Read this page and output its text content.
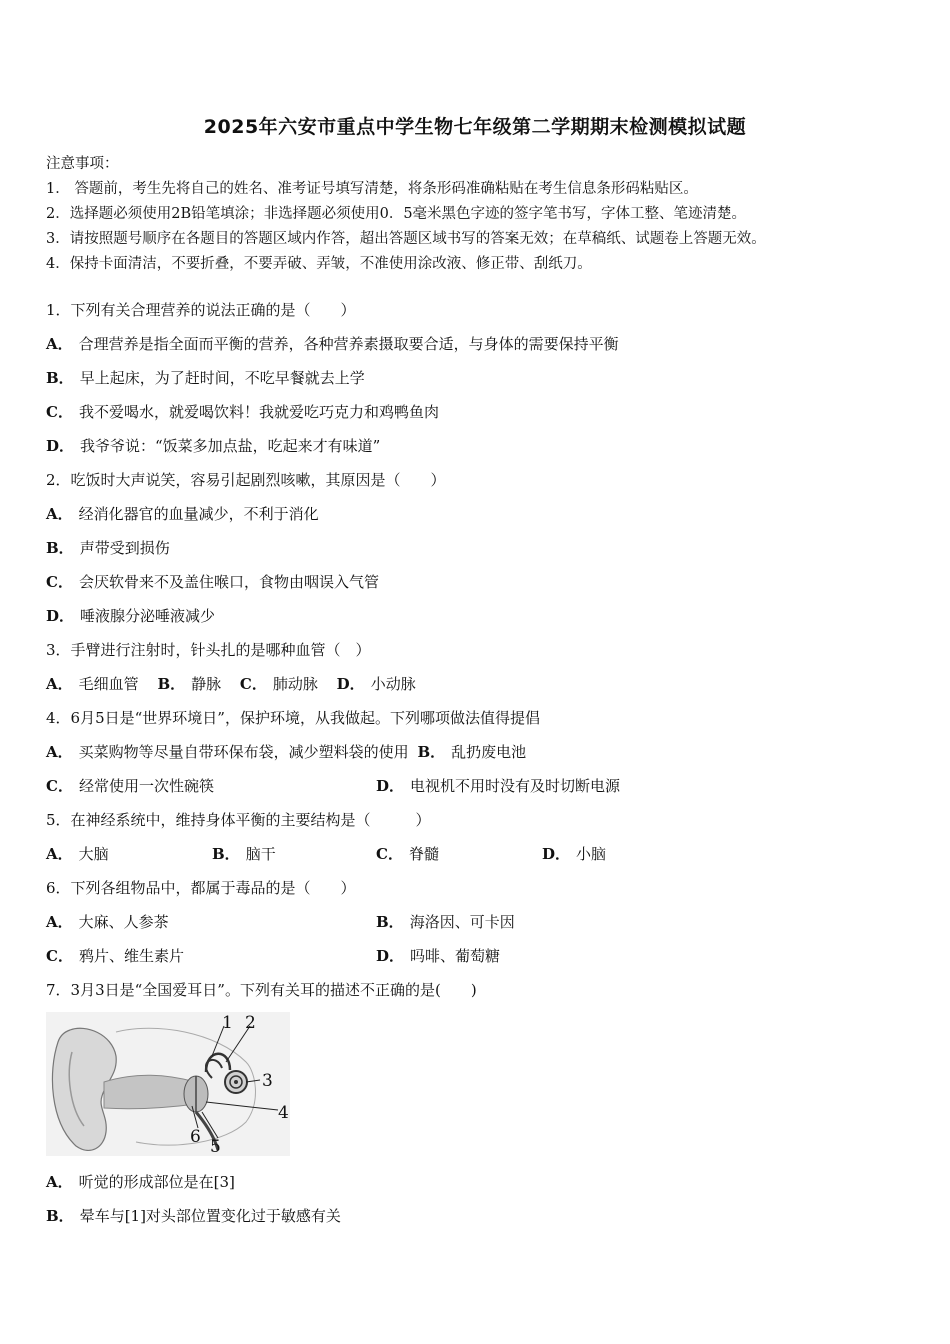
2025年六安市重点中学生物七年级第二学期期末检测模拟试题
注意事项：
1． 答题前，考生先将自己的姓名、准考证号填写清楚，将条形码准确粘贴在考生信息条形码粘贴区。
2．选择题必须使用2B铅笔填涂；非选择题必须使用0．5毫米黑色字迹的签字笔书写，字体工整、笔迹清楚。
3．请按照题号顺序在各题目的答题区域内作答，超出答题区域书写的答案无效；在草稿纸、试题卷上答题无效。
4．保持卡面清洁，不要折叠，不要弄破、弄皱，不准使用涂改液、修正带、刮纸刀。
1．下列有关合理营养的说法正确的是（　　）
A． 合理营养是指全面而平衡的营养，各种营养素摄取要合适，与身体的需要保持平衡
B． 早上起床，为了赶时间，不吃早餐就去上学
C． 我不爱喝水，就爱喝饮料！我就爱吃巧克力和鸡鸭鱼肉
D． 我爷爷说：“饭菜多加点盐，吃起来才有味道”
2．吃饭时大声说笑，容易引起剧烈咳嗽，其原因是（　　）
A． 经消化器官的血量减少，不利于消化
B． 声带受到损伤
C． 会厌软骨来不及盖住喉口，食物由咽误入气管
D． 唾液腺分泌唾液减少
3．手臂进行注射时，针头扎的是哪种血管（　）
A． 毛细血管 B． 静脉 C． 肺动脉 D． 小动脉
4．6月5日是“世界环境日”，保护环境，从我做起。下列哪项做法值得提倡
A． 买菜购物等尽量自带环保布袋，减少塑料袋的使用 B． 乱扔废电池
C． 经常使用一次性碗筷	D． 电视机不用时没有及时切断电源
5．在神经系统中，维持身体平衡的主要结构是（　　　）
A． 大脑	B． 脑干	C． 脊髓	D． 小脑
6．下列各组物品中，都属于毒品的是（　　）
A． 大麻、人参茶	B． 海洛因、可卡因
C． 鸦片、维生素片	D． 吗啡、葡萄糖
7．3月3日是“全国爱耳日”。下列有关耳的描述不正确的是(　　)
1 2
3
4
5
6
A． 听觉的形成部位是在[3]
B． 晕车与[1]对头部位置变化过于敏感有关
